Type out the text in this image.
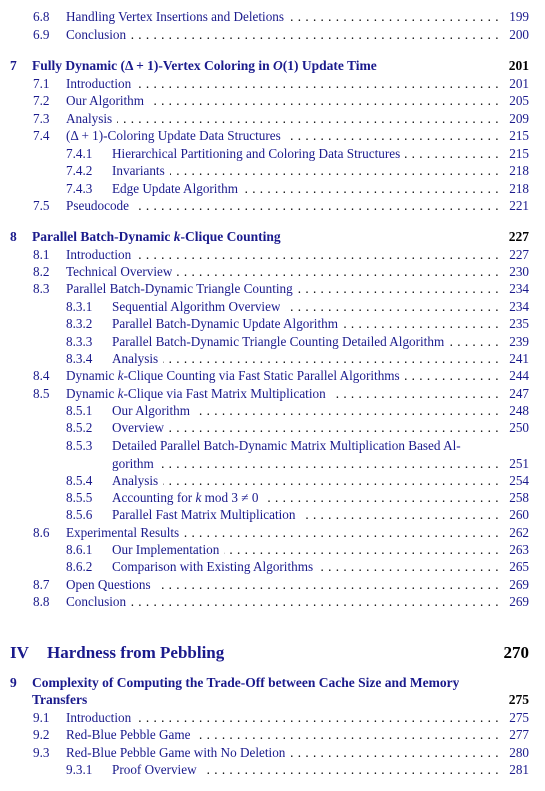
6.8 Handling Vertex Insertions and Deletions	199
. . .
6.9 Conclusion	200
. . .
7 Fully Dynamic (Δ + 1)-Vertex Coloring in O(1) Update Time	201
7.1 Introduction	201
. . .
7.2 Our Algorithm	205
. . .
7.3 Analysis	209
. . .
7.4 (Δ + 1)-Coloring Update Data Structures	215
. . .
7.4.1 Hierarchical Partitioning and Coloring Data Structures	215
. . .
7.4.2 Invariants	218
. . .
7.4.3 Edge Update Algorithm	218
. . .
7.5 Pseudocode	221
. . .
8 Parallel Batch-Dynamic k-Clique Counting	227
8.1 Introduction	227
. . .
8.2 Technical Overview	230
. . .
8.3 Parallel Batch-Dynamic Triangle Counting	234
. . .
8.3.1 Sequential Algorithm Overview	234
. . .
8.3.2 Parallel Batch-Dynamic Update Algorithm	235
. . .
8.3.3 Parallel Batch-Dynamic Triangle Counting Detailed Algorithm	239
. . .
8.3.4 Analysis	241
. . .
8.4 Dynamic k-Clique Counting via Fast Static Parallel Algorithms	244
. . .
8.5 Dynamic k-Clique via Fast Matrix Multiplication	247
. . .
8.5.1 Our Algorithm	248
. . .
8.5.2 Overview	250
. . .
8.5.3 Detailed Parallel Batch-Dynamic Matrix Multiplication Based Al-
gorithm	251
. . .
8.5.4 Analysis	254
. . .
8.5.5 Accounting for k mod 3 ≠ 0	258
. . .
8.5.6 Parallel Fast Matrix Multiplication	260
. . .
8.6 Experimental Results	262
. . .
8.6.1 Our Implementation	263
. . .
8.6.2 Comparison with Existing Algorithms	265
. . .
8.7 Open Questions	269
. . .
8.8 Conclusion	269
. . .
IV Hardness from Pebbling	270
9 Complexity of Computing the Trade-Off between Cache Size and Memory
Transfers	275
9.1 Introduction	275
. . .
9.2 Red-Blue Pebble Game	277
. . .
9.3 Red-Blue Pebble Game with No Deletion	280
. . .
9.3.1 Proof Overview	281
. . .
